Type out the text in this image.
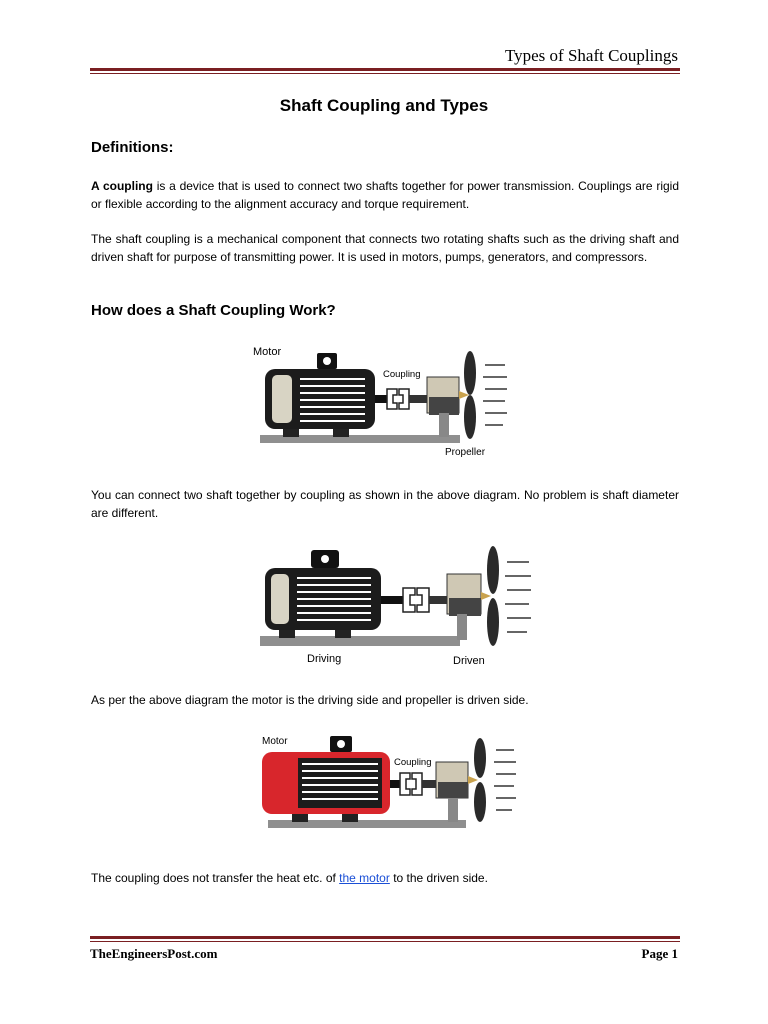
Types of Shaft Couplings
Shaft Coupling and Types
Definitions:

A coupling is a device that is used to connect two shafts together for power transmission. Couplings are rigid or flexible according to the alignment accuracy and torque requirement.

The shaft coupling is a mechanical component that connects two rotating shafts such as the driving shaft and driven shaft for purpose of transmitting power. It is used in motors, pumps, generators, and compressors.

How does a Shaft Coupling Work?
Motor
Coupling
Propeller

You can connect two shaft together by coupling as shown in the above diagram. No problem is shaft diameter are different.

Driving	Driven

As per the above diagram the motor is the driving side and propeller is driven side.

Motor
Coupling

The coupling does not transfer the heat etc. of the motor to the driven side.

TheEngineersPost.com	Page 1
